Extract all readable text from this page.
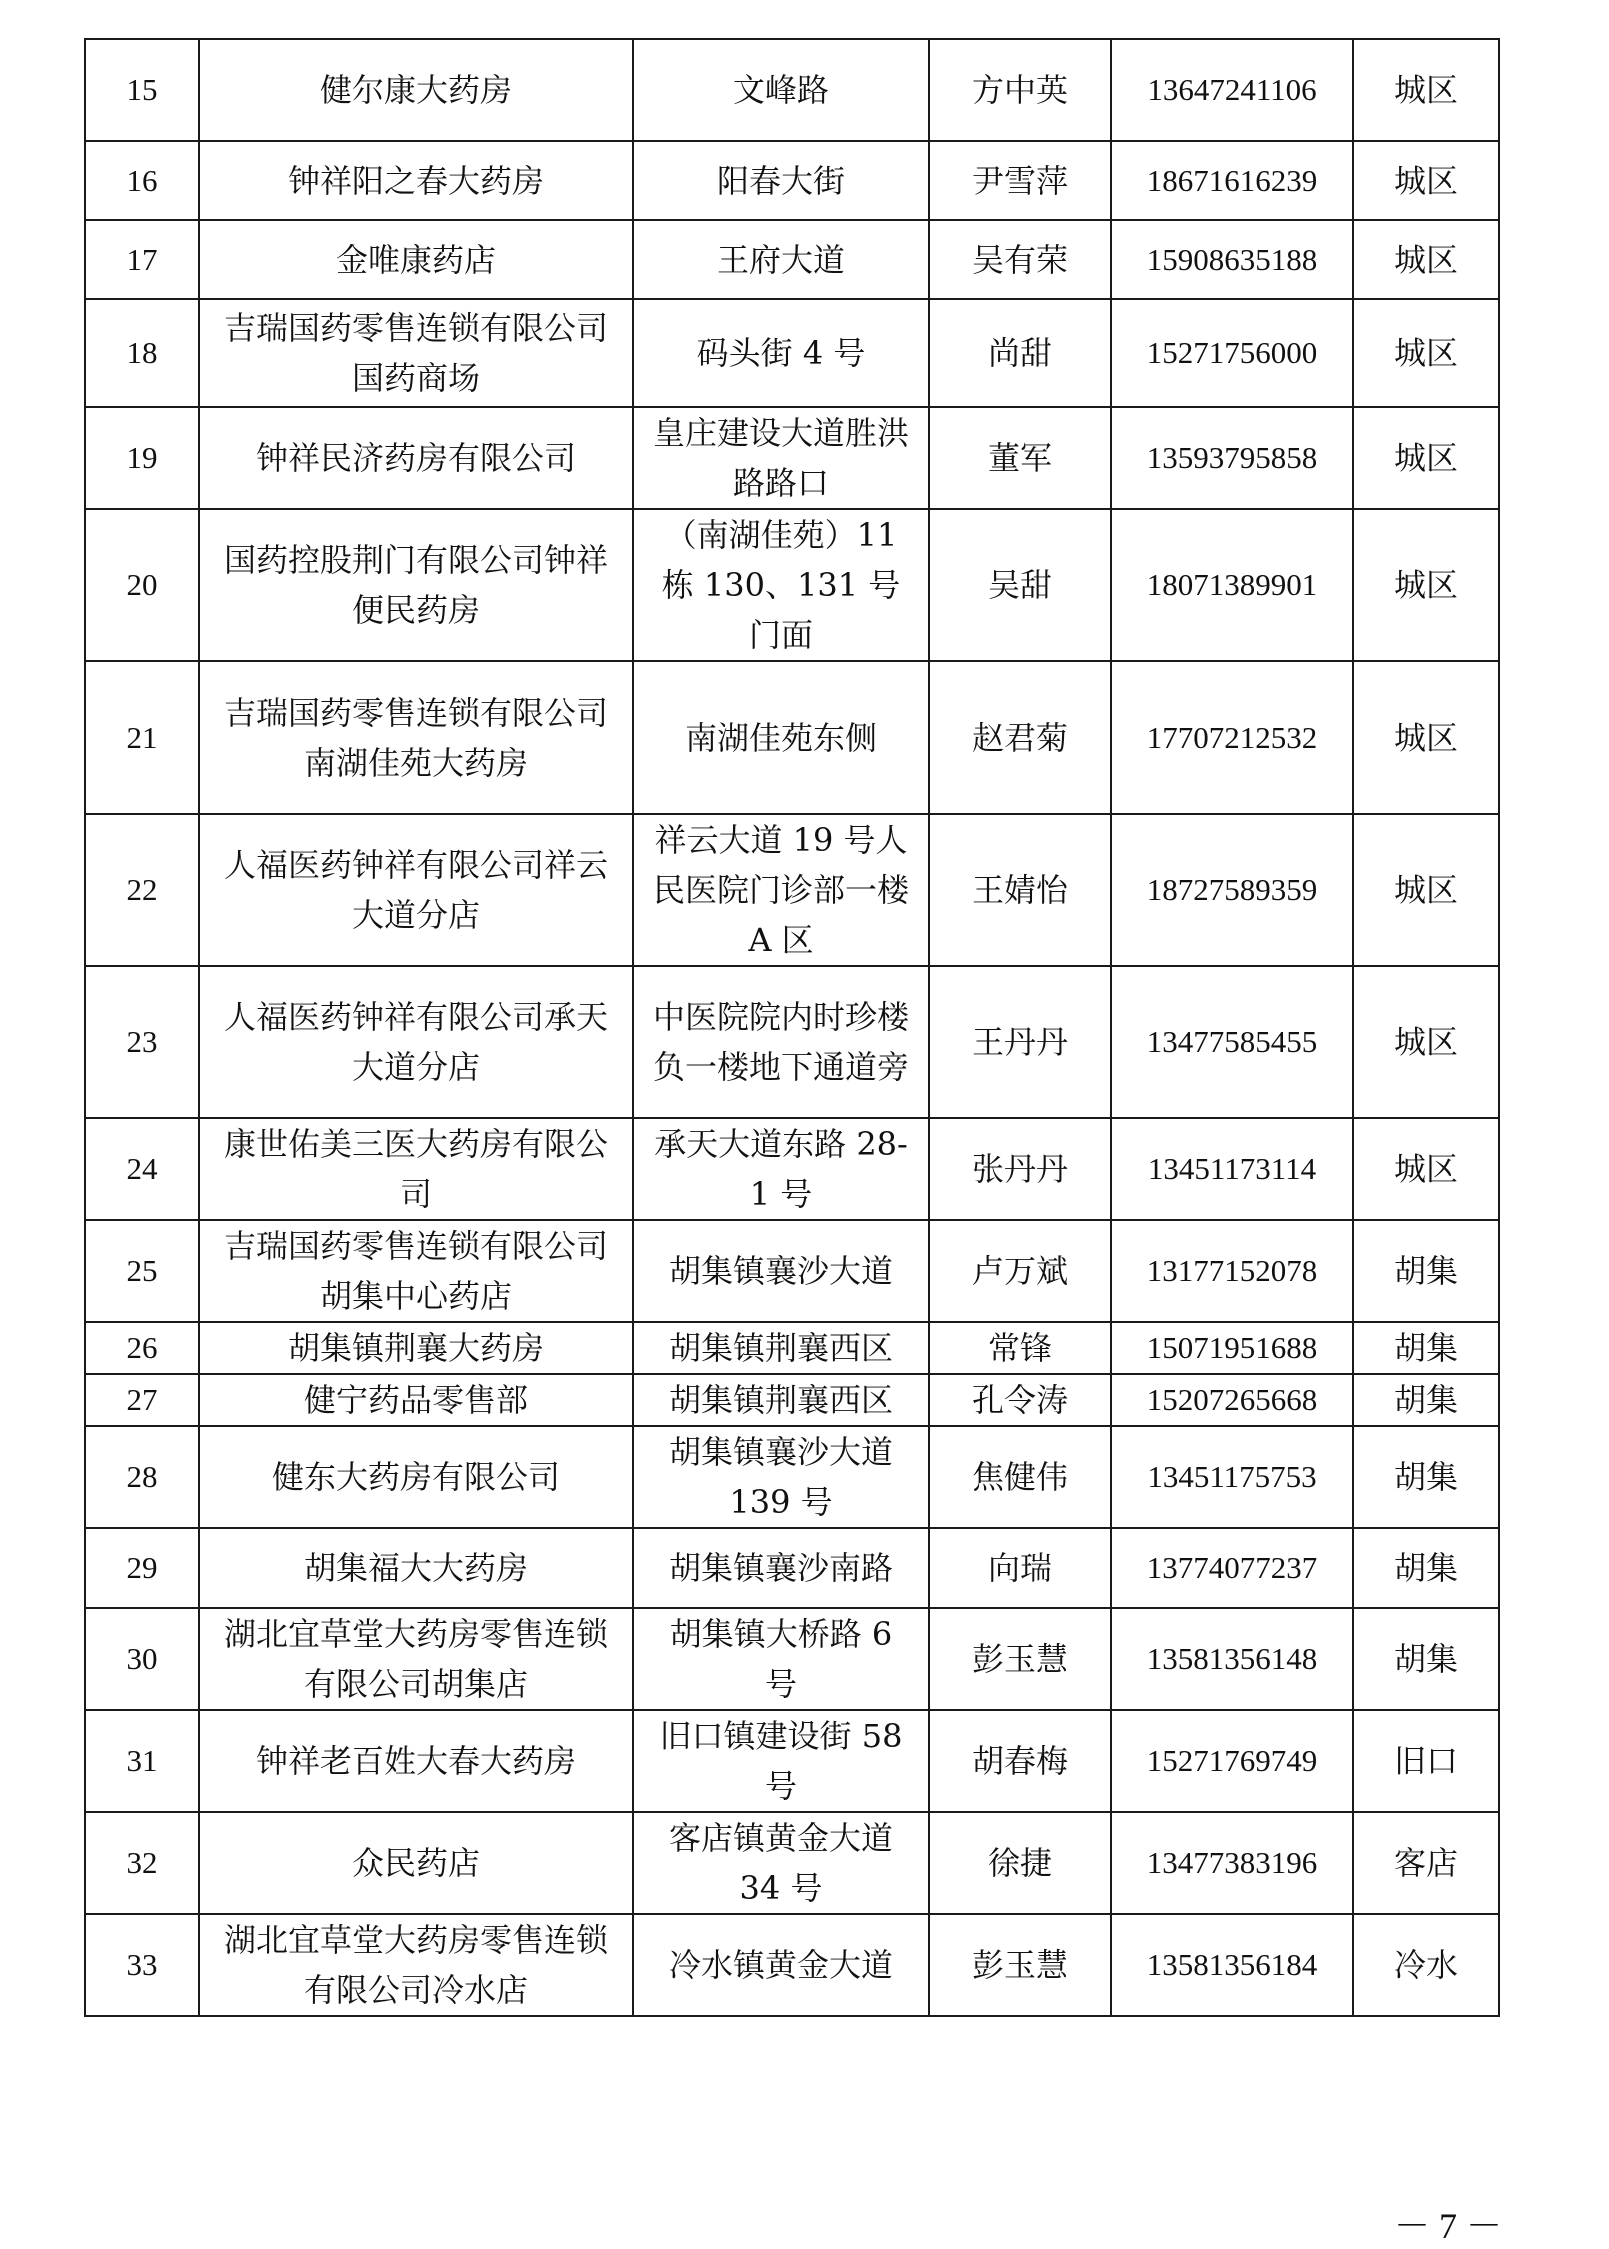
15	健尔康大药房	文峰路	方中英	13647241106	城区
16	钟祥阳之春大药房	阳春大街	尹雪萍	18671616239	城区
17	金唯康药店	王府大道	吴有荣	15908635188	城区
18	吉瑞国药零售连锁有限公司国药商场	码头街 4 号	尚甜	15271756000	城区
19	钟祥民济药房有限公司	皇庄建设大道胜洪路路口	董军	13593795858	城区
20	国药控股荆门有限公司钟祥便民药房	（南湖佳苑）11 栋 130、131 号门面	吴甜	18071389901	城区
21	吉瑞国药零售连锁有限公司南湖佳苑大药房	南湖佳苑东侧	赵君菊	17707212532	城区
22	人福医药钟祥有限公司祥云大道分店	祥云大道 19 号人民医院门诊部一楼 A 区	王婧怡	18727589359	城区
23	人福医药钟祥有限公司承天大道分店	中医院院内时珍楼负一楼地下通道旁	王丹丹	13477585455	城区
24	康世佑美三医大药房有限公司	承天大道东路 28-1 号	张丹丹	13451173114	城区
25	吉瑞国药零售连锁有限公司胡集中心药店	胡集镇襄沙大道	卢万斌	13177152078	胡集
26	胡集镇荆襄大药房	胡集镇荆襄西区	常锋	15071951688	胡集
27	健宁药品零售部	胡集镇荆襄西区	孔令涛	15207265668	胡集
28	健东大药房有限公司	胡集镇襄沙大道 139 号	焦健伟	13451175753	胡集
29	胡集福大大药房	胡集镇襄沙南路	向瑞	13774077237	胡集
30	湖北宜草堂大药房零售连锁有限公司胡集店	胡集镇大桥路 6 号	彭玉慧	13581356148	胡集
31	钟祥老百姓大春大药房	旧口镇建设街 58 号	胡春梅	15271769749	旧口
32	众民药店	客店镇黄金大道 34 号	徐捷	13477383196	客店
33	湖北宜草堂大药房零售连锁有限公司冷水店	冷水镇黄金大道	彭玉慧	13581356184	冷水
－ 7 －
